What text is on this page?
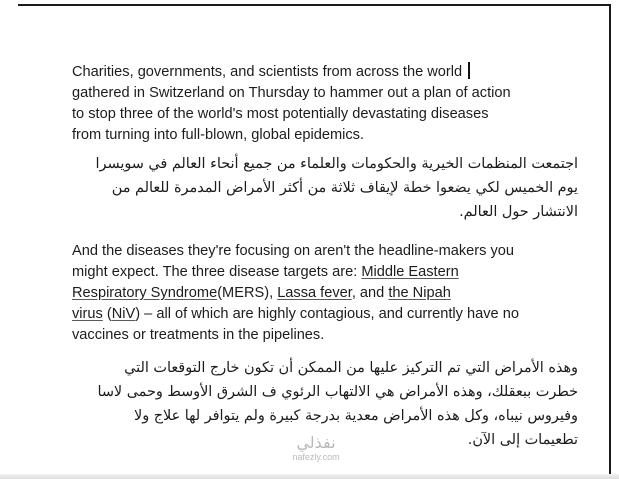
Charities, governments, and scientists from across the world
gathered in Switzerland on Thursday to hammer out a plan of action
to stop three of the world's most potentially devastating diseases
from turning into full-blown, global epidemics.

اجتمعت المنظمات الخيرية والحكومات والعلماء من جميع أنحاء العالم في سويسرا
يوم الخميس لكي يضعوا خطة لإيقاف ثلاثة من أكثر الأمراض المدمرة للعالم من
الانتشار حول العالم.

And the diseases they're focusing on aren't the headline-makers you
might expect. The three disease targets are: Middle Eastern
Respiratory Syndrome(MERS), Lassa fever, and the Nipah
virus (NiV) – all of which are highly contagious, and currently have no
vaccines or treatments in the pipelines.

وهذه الأمراض التي تم التركيز عليها من الممكن أن تكون خارج التوقعات التي
خطرت ببعقلك، وهذه الأمراض هي الالتهاب الرئوي ف الشرق الأوسط وحمى لاسا
وفيروس نيباه، وكل هذه الأمراض معدية بدرجة كبيرة ولم يتوافر لها علاج ولا
تطعيمات إلى الآن.

نفذلي
nafezly.com
